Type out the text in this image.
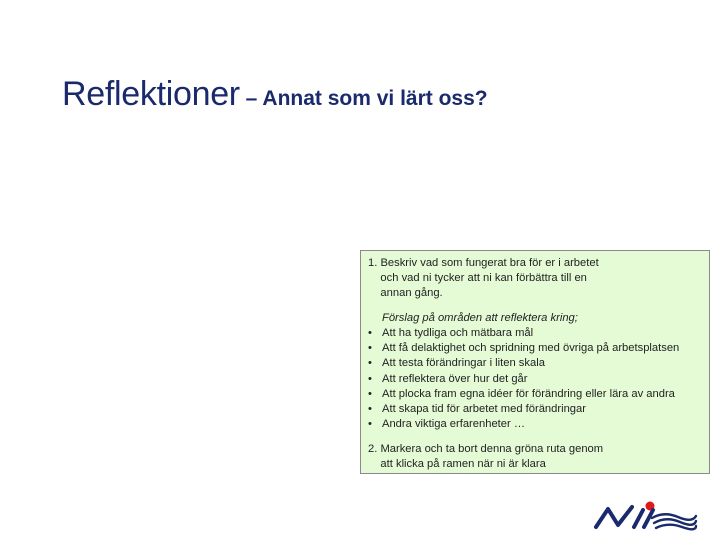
Reflektioner – Annat som vi lärt oss?

1. Beskriv vad som fungerat bra för er i arbetet
och vad ni tycker att ni kan förbättra till en
annan gång.

Förslag på områden att reflektera kring;

• Att ha tydliga och mätbara mål
• Att få delaktighet och spridning med övriga på arbetsplatsen
• Att testa förändringar i liten skala
• Att reflektera över hur det går
• Att plocka fram egna idéer för förändring eller lära av andra
• Att skapa tid för arbetet med förändringar
• Andra viktiga erfarenheter …

2. Markera och ta bort denna gröna ruta genom
att klicka på ramen när ni är klara
